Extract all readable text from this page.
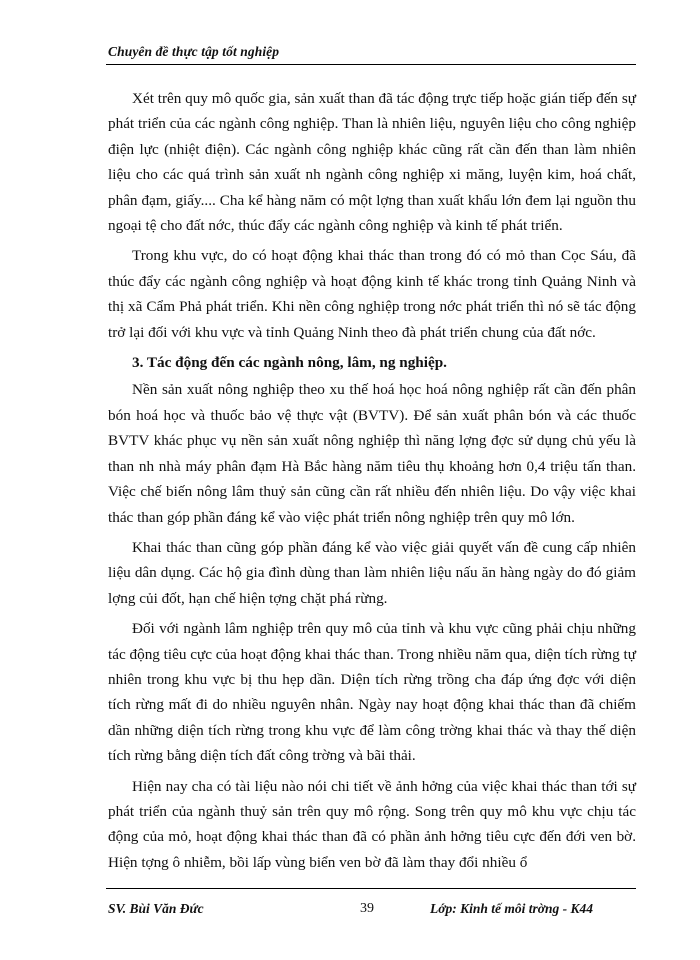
Chuyên đề thực tập tốt nghiệp

Xét trên quy mô quốc gia, sản xuất than đã tác động trực tiếp hoặc gián tiếp đến sự phát triển của các ngành công nghiệp. Than là nhiên liệu, nguyên liệu cho công nghiệp điện lực (nhiệt điện). Các ngành công nghiệp khác cũng rất cần đến than làm nhiên liệu cho các quá trình sản xuất nh ngành công nghiệp xi măng, luyện kim, hoá chất, phân đạm, giấy.... Cha kể hàng năm có một lợng than xuất khẩu lớn đem lại nguồn thu ngoại tệ cho đất nớc, thúc đẩy các ngành công nghiệp và kinh tế phát triển.

Trong khu vực, do có hoạt động khai thác than trong đó có mỏ than Cọc Sáu, đã thúc đẩy các ngành công nghiệp và hoạt động kinh tế khác trong tỉnh Quảng Ninh và thị xã Cẩm Phả phát triển. Khi nền công nghiệp trong nớc phát triển thì nó sẽ tác động trở lại đối với khu vực và tỉnh Quảng Ninh theo đà phát triển chung của đất nớc.

3. Tác động đến các ngành nông, lâm, ng nghiệp.

Nền sản xuất nông nghiệp theo xu thế hoá học hoá nông nghiệp rất cần đến phân bón hoá học và thuốc bảo vệ thực vật (BVTV). Để sản xuất phân bón và các thuốc BVTV khác phục vụ nền sản xuất nông nghiệp thì năng lợng đợc sử dụng chủ yếu là than nh nhà máy phân đạm Hà Bắc hàng năm tiêu thụ khoảng hơn 0,4 triệu tấn than. Việc chế biến nông lâm thuỷ sản cũng cần rất nhiều đến nhiên liệu. Do vậy việc khai thác than góp phần đáng kể vào việc phát triển nông nghiệp trên quy mô lớn.

Khai thác than cũng góp phần đáng kể vào việc giải quyết vấn đề cung cấp nhiên liệu dân dụng. Các hộ gia đình dùng than làm nhiên liệu nấu ăn hàng ngày do đó giảm lợng củi đốt, hạn chế hiện tợng chặt phá rừng.

Đối với ngành lâm nghiệp trên quy mô của tỉnh và khu vực cũng phải chịu những tác động tiêu cực của hoạt động khai thác than. Trong nhiều năm qua, diện tích rừng tự nhiên trong khu vực bị thu hẹp dần. Diện tích rừng trồng cha đáp ứng đợc với diện tích rừng mất đi do nhiều nguyên nhân. Ngày nay hoạt động khai thác than đã chiếm dần những diện tích rừng trong khu vực để làm công trờng khai thác và thay thế diện tích rừng bằng diện tích đất công trờng và bãi thải.

Hiện nay cha có tài liệu nào nói chi tiết về ảnh hởng của việc khai thác than tới sự phát triển của ngành thuỷ sản trên quy mô rộng. Song trên quy mô khu vực chịu tác động của mỏ, hoạt động khai thác than đã có phần ảnh hởng tiêu cực đến đới ven bờ. Hiện tợng ô nhiễm, bồi lấp vùng biển ven bờ đã làm thay đổi nhiều ổ

SV. Bùi Văn Đức	39	Lớp: Kinh tế môi trờng - K44
